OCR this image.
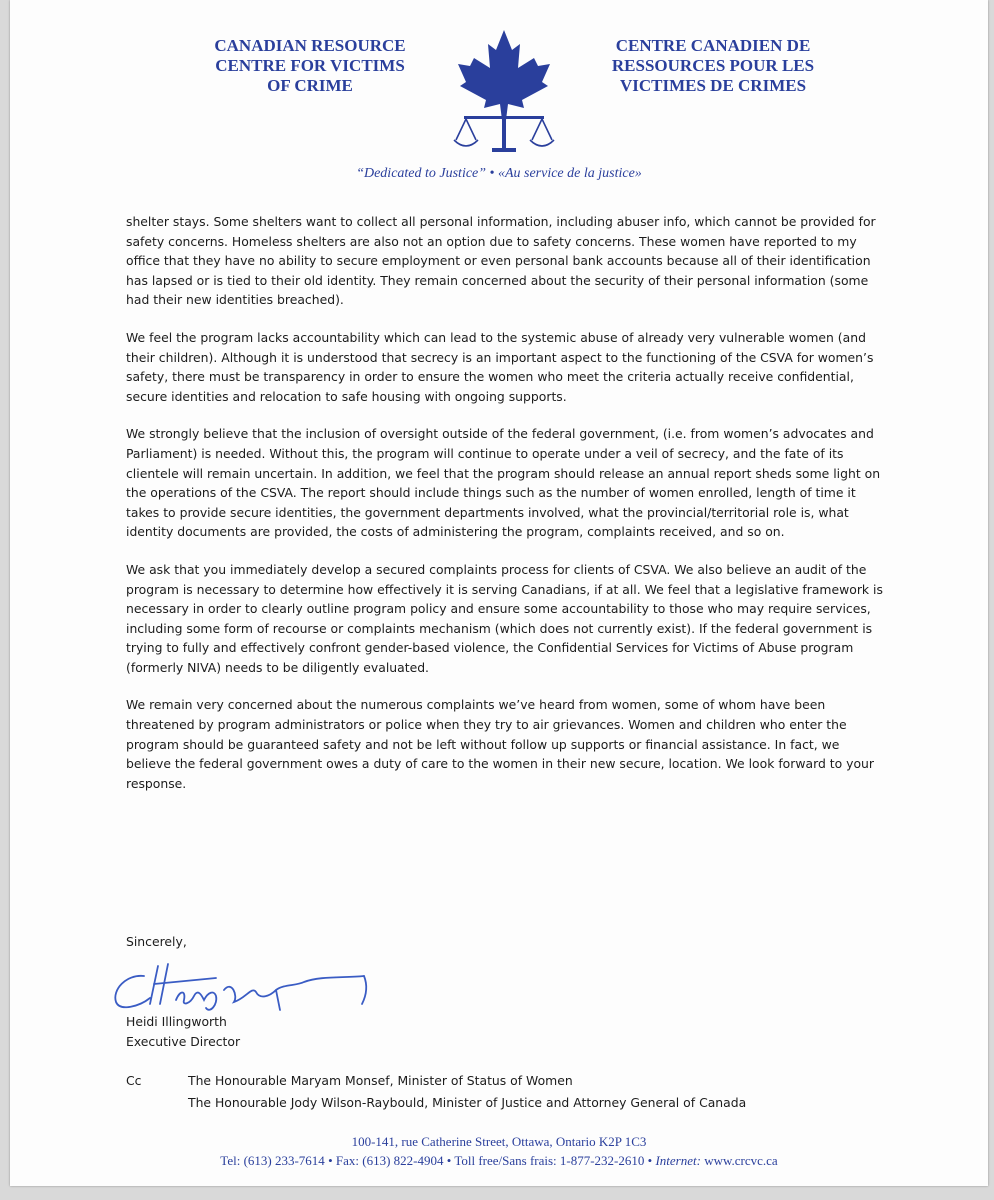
CANADIAN RESOURCE
CENTRE FOR VICTIMS
OF CRIME
CENTRE CANADIEN DE
RESSOURCES POUR LES
VICTIMES DE CRIMES
“Dedicated to Justice” • «Au service de la justice»

shelter stays. Some shelters want to collect all personal information, including abuser info, which cannot be provided for safety concerns. Homeless shelters are also not an option due to safety concerns. These women have reported to my office that they have no ability to secure employment or even personal bank accounts because all of their identification has lapsed or is tied to their old identity. They remain concerned about the security of their personal information (some had their new identities breached).

We feel the program lacks accountability which can lead to the systemic abuse of already very vulnerable women (and their children). Although it is understood that secrecy is an important aspect to the functioning of the CSVA for women’s safety, there must be transparency in order to ensure the women who meet the criteria actually receive confidential, secure identities and relocation to safe housing with ongoing supports.

We strongly believe that the inclusion of oversight outside of the federal government, (i.e. from women’s advocates and Parliament) is needed. Without this, the program will continue to operate under a veil of secrecy, and the fate of its clientele will remain uncertain. In addition, we feel that the program should release an annual report sheds some light on the operations of the CSVA. The report should include things such as the number of women enrolled, length of time it takes to provide secure identities, the government departments involved, what the provincial/territorial role is, what identity documents are provided, the costs of administering the program, complaints received, and so on.

We ask that you immediately develop a secured complaints process for clients of CSVA. We also believe an audit of the program is necessary to determine how effectively it is serving Canadians, if at all. We feel that a legislative framework is necessary in order to clearly outline program policy and ensure some accountability to those who may require services, including some form of recourse or complaints mechanism (which does not currently exist). If the federal government is trying to fully and effectively confront gender-based violence, the Confidential Services for Victims of Abuse program (formerly NIVA) needs to be diligently evaluated.

We remain very concerned about the numerous complaints we’ve heard from women, some of whom have been threatened by program administrators or police when they try to air grievances. Women and children who enter the program should be guaranteed safety and not be left without follow up supports or financial assistance. In fact, we believe the federal government owes a duty of care to the women in their new secure, location. We look forward to your response.

Sincerely,
Heidi Illingworth
Executive Director
Cc	The Honourable Maryam Monsef, Minister of Status of Women
The Honourable Jody Wilson-Raybould, Minister of Justice and Attorney General of Canada
100-141, rue Catherine Street, Ottawa, Ontario K2P 1C3
Tel: (613) 233-7614 • Fax: (613) 822-4904 • Toll free/Sans frais: 1-877-232-2610 • Internet: www.crcvc.ca
